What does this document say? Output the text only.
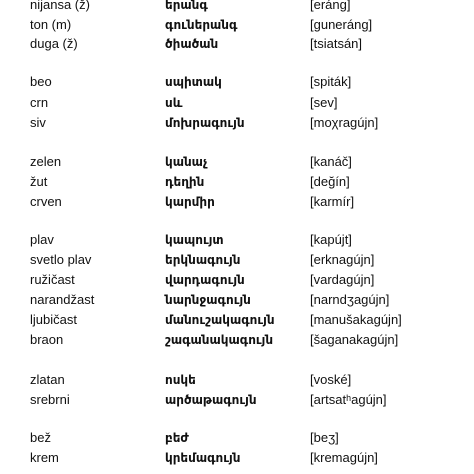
nijansa (ž)	երանգ	[eráng]
ton (m)	գուներանգ	[guneráng]
duga (ž)	ծիածան	[tsiatsán]
beo	սպիտակ	[spiták]
crn	սև	[sev]
siv	մոխրագույն	[moχragújn]
zelen	կանաչ	[kanáč]
žut	դեղին	[değín]
crven	կարմիր	[karmír]
plav	կապույտ	[kapújt]
svetlo plav	երկնագույն	[erknagújn]
ružičast	վարդագույն	[vardagújn]
narandžast	նարնջագույն	[narndʒagújn]
ljubičast	մանուշակագույն	[manušakagújn]
braon	շագանակագույն	[šaganakagújn]
zlatan	ոսկե	[voské]
srebrni	արծաթագույն	[artsatʰagújn]
bež	բեժ	[beʒ]
krem	կրեմագույն	[kremagújn]
